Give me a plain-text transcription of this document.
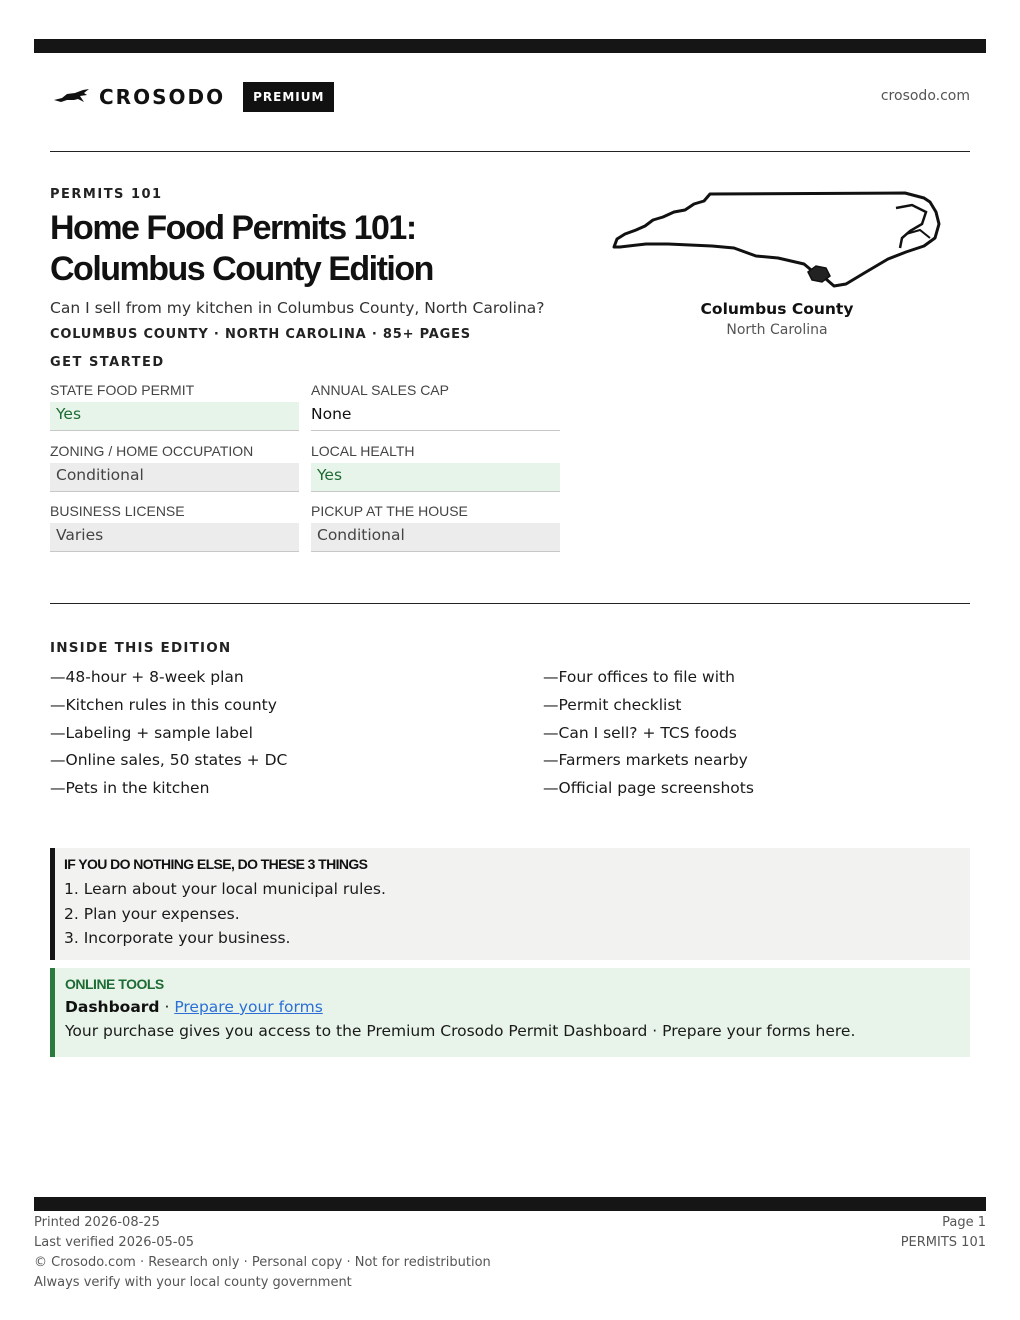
CROSODO	PREMIUM	crosodo.com
PERMITS 101
Home Food Permits 101:
Columbus County Edition
Can I sell from my kitchen in Columbus County, North Carolina?
COLUMBUS COUNTY · NORTH CAROLINA · 85+ PAGES
GET STARTED
STATE FOOD PERMIT
Yes
ANNUAL SALES CAP
None
ZONING / HOME OCCUPATION
Conditional
LOCAL HEALTH
Yes
BUSINESS LICENSE
Varies
PICKUP AT THE HOUSE
Conditional
Columbus County
North Carolina
INSIDE THIS EDITION
—48-hour + 8-week plan
—Kitchen rules in this county
—Labeling + sample label
—Online sales, 50 states + DC
—Pets in the kitchen
—Four offices to file with
—Permit checklist
—Can I sell? + TCS foods
—Farmers markets nearby
—Official page screenshots
IF YOU DO NOTHING ELSE, DO THESE 3 THINGS
1. Learn about your local municipal rules.
2. Plan your expenses.
3. Incorporate your business.
ONLINE TOOLS
Dashboard · Prepare your forms
Your purchase gives you access to the Premium Crosodo Permit Dashboard · Prepare your forms here.
Printed 2026-08-25
Last verified 2026-05-05
© Crosodo.com · Research only · Personal copy · Not for redistribution
Always verify with your local county government
Page 1
PERMITS 101
